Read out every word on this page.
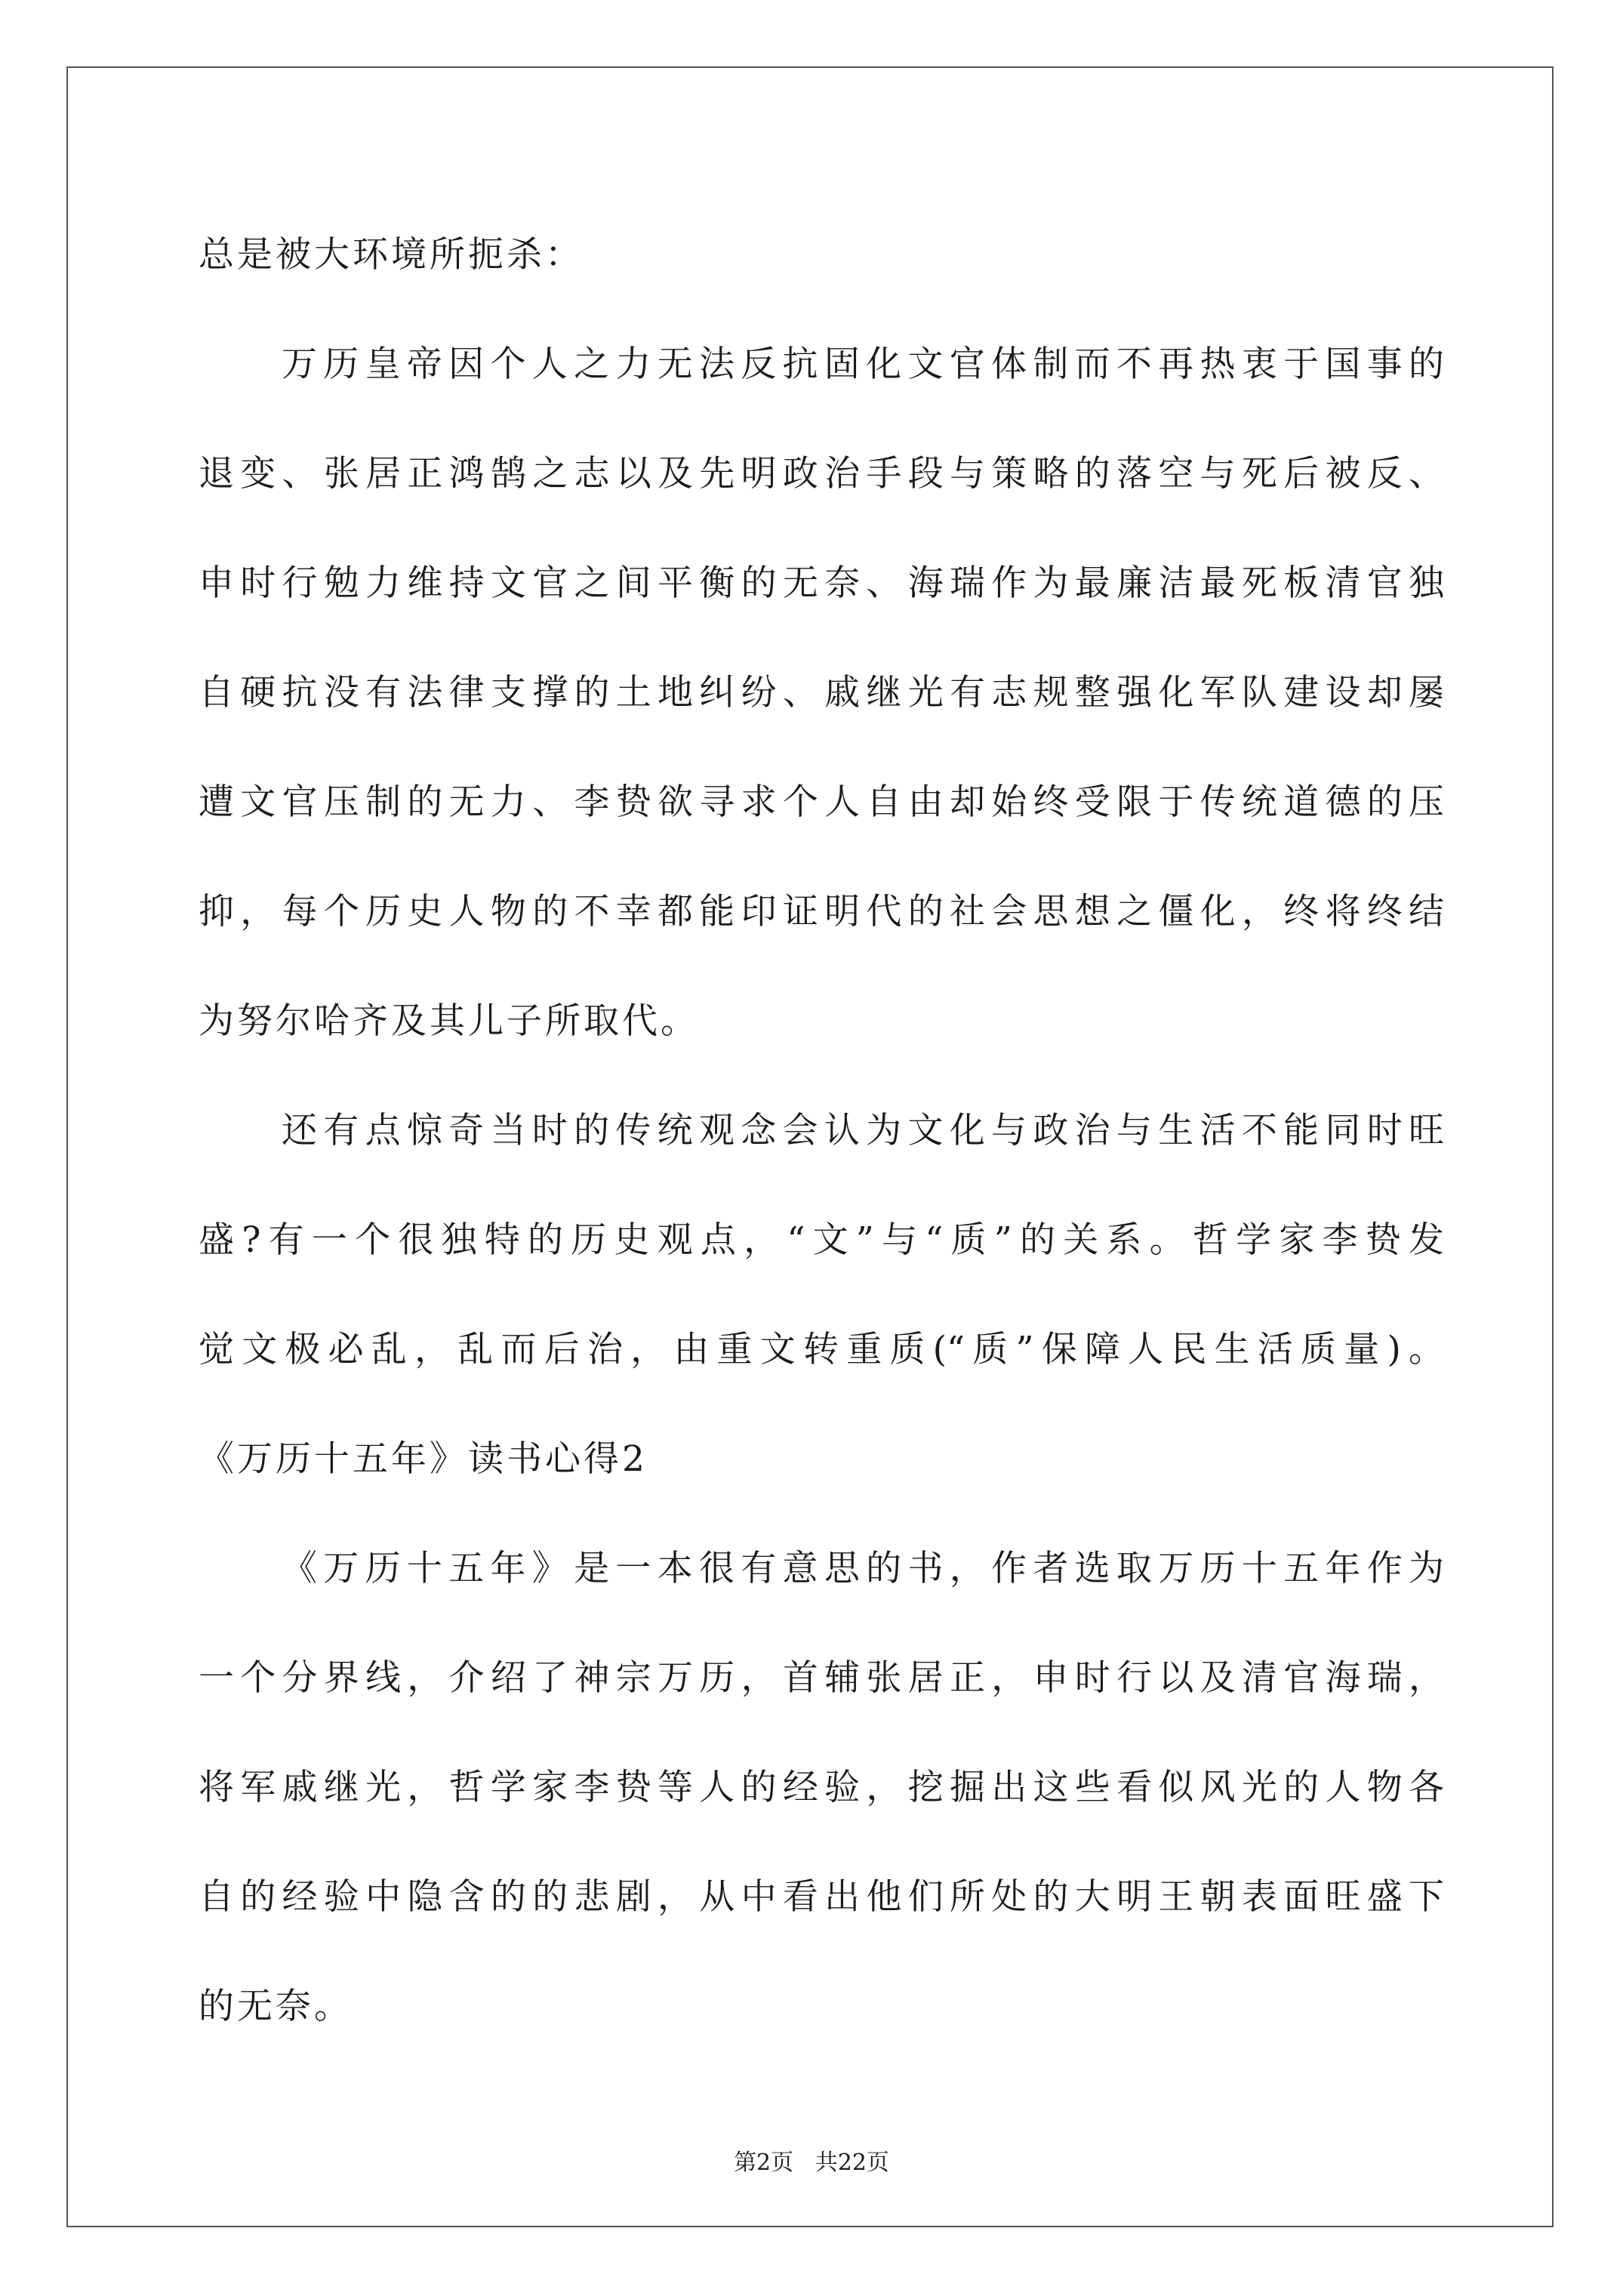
总是被大环境所扼杀：
万历皇帝因个人之力无法反抗固化文官体制而不再热衷于国事的
退变、张居正鸿鹄之志以及先明政治手段与策略的落空与死后被反、
申时行勉力维持文官之间平衡的无奈、海瑞作为最廉洁最死板清官独
自硬抗没有法律支撑的土地纠纷、戚继光有志规整强化军队建设却屡
遭文官压制的无力、李贽欲寻求个人自由却始终受限于传统道德的压
抑，每个历史人物的不幸都能印证明代的社会思想之僵化，终将终结
为努尔哈齐及其儿子所取代。
还有点惊奇当时的传统观念会认为文化与政治与生活不能同时旺
盛?有一个很独特的历史观点，“文”与“质”的关系。哲学家李贽发
觉文极必乱，乱而后治，由重文转重质(“质”保障人民生活质量)。
《万历十五年》读书心得2
《万历十五年》是一本很有意思的书，作者选取万历十五年作为
一个分界线，介绍了神宗万历，首辅张居正，申时行以及清官海瑞，
将军戚继光，哲学家李贽等人的经验，挖掘出这些看似风光的人物各
自的经验中隐含的的悲剧，从中看出他们所处的大明王朝表面旺盛下
的无奈。
第2页   共22页
